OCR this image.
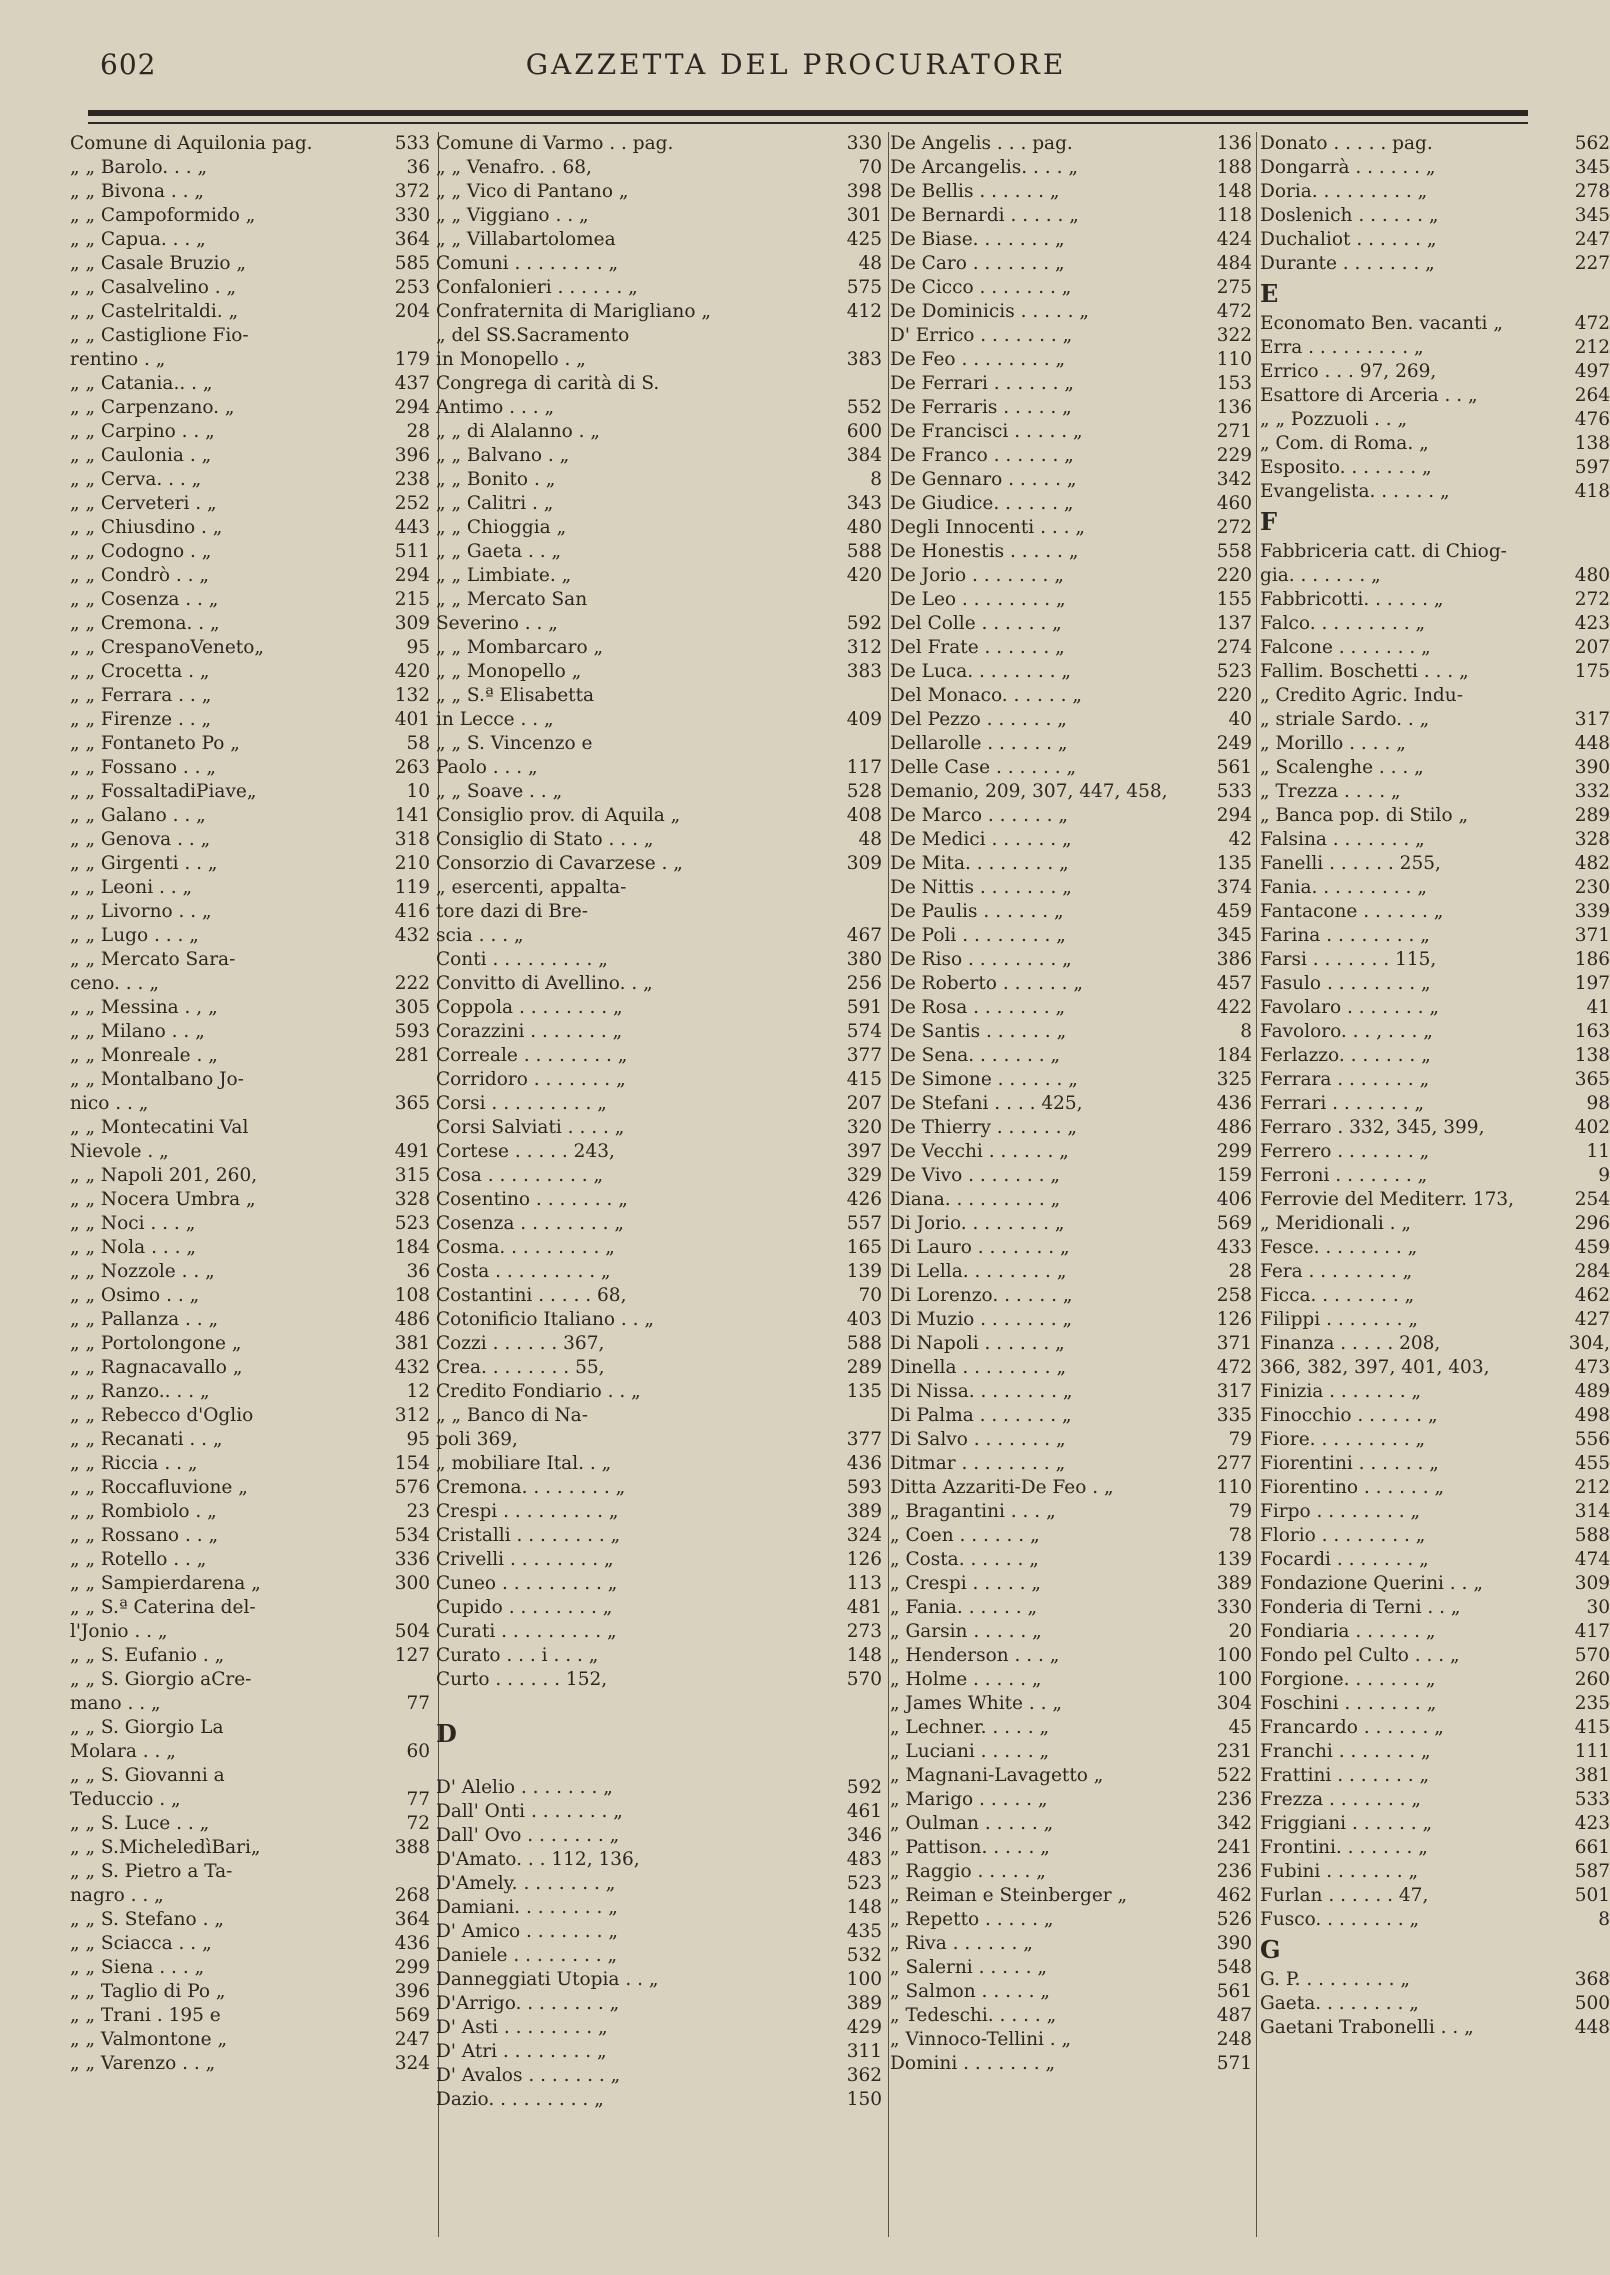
602	GAZZETTA DEL PROCURATORE
Comune di Aquilonia pag.	533
„ „ Barolo. . . „	36
„ „ Bivona . . „	372
„ „ Campoformido „	330
„ „ Capua. . . „	364
„ „ Casale Bruzio „	585
„ „ Casalvelino . „	253
„ „ Castelritaldi. „	204
„ „ Castiglione Fio-
rentino . „	179
„ „ Catania.. . „	437
„ „ Carpenzano. „	294
„ „ Carpino . . „	28
„ „ Caulonia . „	396
„ „ Cerva. . . „	238
„ „ Cerveteri . „	252
„ „ Chiusdino . „	443
„ „ Codogno . „	511
„ „ Condrò . . „	294
„ „ Cosenza . . „	215
„ „ Cremona. . „	309
„ „ CrespanoVeneto„	95
„ „ Crocetta . „	420
„ „ Ferrara . . „	132
„ „ Firenze . . „	401
„ „ Fontaneto Po „	58
„ „ Fossano . . „	263
„ „ FossaltadiPiave„	10
„ „ Galano . . „	141
„ „ Genova . . „	318
„ „ Girgenti . . „	210
„ „ Leoni . . „	119
„ „ Livorno . . „	416
„ „ Lugo . . . „	432
„ „ Mercato Sara-
ceno. . . „	222
„ „ Messina . , „	305
„ „ Milano . . „	593
„ „ Monreale . „	281
„ „ Montalbano Jo-
nico . . „	365
„ „ Montecatini Val
Nievole . „	491
„ „ Napoli 201, 260,	315
„ „ Nocera Umbra „	328
„ „ Noci . . . „	523
„ „ Nola . . . „	184
„ „ Nozzole . . „	36
„ „ Osimo . . „	108
„ „ Pallanza . . „	486
„ „ Portolongone „	381
„ „ Ragnacavallo „	432
„ „ Ranzo.. . . „	12
„ „ Rebecco d'Oglio	312
„ „ Recanati . . „	95
„ „ Riccia . . „	154
„ „ Roccafluvione „	576
„ „ Rombiolo . „	23
„ „ Rossano . . „	534
„ „ Rotello . . „	336
„ „ Sampierdarena „	300
„ „ S.ª Caterina del-
l'Jonio . . „	504
„ „ S. Eufanio . „	127
„ „ S. Giorgio aCre-
mano . . „	77
„ „ S. Giorgio La
Molara . . „	60
„ „ S. Giovanni a
Teduccio . „	77
„ „ S. Luce . . „	72
„ „ S.MicheledìBari„	388
„ „ S. Pietro a Ta-
nagro . . „	268
„ „ S. Stefano . „	364
„ „ Sciacca . . „	436
„ „ Siena . . . „	299
„ „ Taglio di Po „	396
„ „ Trani . 195 e	569
„ „ Valmontone „	247
„ „ Varenzo . . „	324
Comune di Varmo . . pag.	330
„ „ Venafro. . 68,	70
„ „ Vico di Pantano „	398
„ „ Viggiano . . „	301
„ „ Villabartolomea	425
Comuni . . . . . . . . „	48
Confalonieri . . . . . . „	575
Confraternita di Marigliano „	412
„ del SS.Sacramento
in Monopello . „	383
Congrega di carità di S.
Antimo . . . „	552
„ „ di Alalanno . „	600
„ „ Balvano . „	384
„ „ Bonito . „	8
„ „ Calitri . „	343
„ „ Chioggia „	480
„ „ Gaeta . . „	588
„ „ Limbiate. „	420
„ „ Mercato San
Severino . . „	592
„ „ Mombarcaro „	312
„ „ Monopello „	383
„ „ S.ª Elisabetta
in Lecce . . „	409
„ „ S. Vincenzo e
Paolo . . . „	117
„ „ Soave . . „	528
Consiglio prov. di Aquila „	408
Consiglio di Stato . . . „	48
Consorzio di Cavarzese . „	309
„ esercenti, appalta-
tore dazi di Bre-
scia . . . „	467
Conti . . . . . . . . . „	380
Convitto di Avellino. . „	256
Coppola . . . . . . . . „	591
Corazzini . . . . . . . „	574
Correale . . . . . . . . „	377
Corridoro . . . . . . . „	415
Corsi . . . . . . . . . „	207
Corsi Salviati . . . . „	320
Cortese . . . . . 243,	397
Cosa . . . . . . . . . „	329
Cosentino . . . . . . . „	426
Cosenza . . . . . . . . „	557
Cosma. . . . . . . . . „	165
Costa . . . . . . . . . „	139
Costantini . . . . . 68,	70
Cotonificio Italiano . . „	403
Cozzi . . . . . . 367,	588
Crea. . . . . . . . 55,	289
Credito Fondiario . . „	135
„ „ Banco di Na-
poli 369,	377
„ mobiliare Ital. . „	436
Cremona. . . . . . . . „	593
Crespi . . . . . . . . . „	389
Cristalli . . . . . . . . „	324
Crivelli . . . . . . . . „	126
Cuneo . . . . . . . . . „	113
Cupido . . . . . . . . „	481
Curati . . . . . . . . . „	273
Curato . . . i . . . „	148
Curto . . . . . . 152,	570
D
D' Alelio . . . . . . . „	592
Dall' Onti . . . . . . . „	461
Dall' Ovo . . . . . . . „	346
D'Amato. . . 112, 136,	483
D'Amely. . . . . . . . „	523
Damiani. . . . . . . . „	148
D' Amico . . . . . . . „	435
Daniele . . . . . . . . „	532
Danneggiati Utopia . . „	100
D'Arrigo. . . . . . . . „	389
D' Asti . . . . . . . . „	429
D' Atri . . . . . . . . „	311
D' Avalos . . . . . . . „	362
Dazio. . . . . . . . . „	150
De Angelis . . . pag.	136
De Arcangelis. . . . „	188
De Bellis . . . . . . „	148
De Bernardi . . . . . „	118
De Biase. . . . . . . „	424
De Caro . . . . . . . „	484
De Cicco . . . . . . . „	275
De Dominicis . . . . . „	472
D' Errico . . . . . . . „	322
De Feo . . . . . . . . „	110
De Ferrari . . . . . . „	153
De Ferraris . . . . . „	136
De Francisci . . . . . „	271
De Franco . . . . . . „	229
De Gennaro . . . . . „	342
De Giudice. . . . . . „	460
Degli Innocenti . . . „	272
De Honestis . . . . . „	558
De Jorio . . . . . . . „	220
De Leo . . . . . . . . „	155
Del Colle . . . . . . „	137
Del Frate . . . . . . „	274
De Luca. . . . . . . . „	523
Del Monaco. . . . . . „	220
Del Pezzo . . . . . . „	40
Dellarolle . . . . . . „	249
Delle Case . . . . . . „	561
Demanio, 209, 307, 447, 458,	533
De Marco . . . . . . „	294
De Medici . . . . . . „	42
De Mita. . . . . . . . „	135
De Nittis . . . . . . . „	374
De Paulis . . . . . . „	459
De Poli . . . . . . . . „	345
De Riso . . . . . . . . „	386
De Roberto . . . . . . „	457
De Rosa . . . . . . . „	422
De Santis . . . . . . „	8
De Sena. . . . . . . „	184
De Simone . . . . . . „	325
De Stefani . . . . 425,	436
De Thierry . . . . . . „	486
De Vecchi . . . . . . „	299
De Vivo . . . . . . . „	159
Diana. . . . . . . . . „	406
Di Jorio. . . . . . . . „	569
Di Lauro . . . . . . . „	433
Di Lella. . . . . . . . „	28
Di Lorenzo. . . . . . „	258
Di Muzio . . . . . . . „	126
Di Napoli . . . . . . „	371
Dinella . . . . . . . . „	472
Di Nissa. . . . . . . . „	317
Di Palma . . . . . . . „	335
Di Salvo . . . . . . . „	79
Ditmar . . . . . . . . „	277
Ditta Azzariti-De Feo . „	110
„ Bragantini . . . „	79
„ Coen . . . . . . „	78
„ Costa. . . . . . „	139
„ Crespi . . . . . „	389
„ Fania. . . . . . „	330
„ Garsin . . . . . „	20
„ Henderson . . . „	100
„ Holme . . . . . „	100
„ James White . . „	304
„ Lechner. . . . . „	45
„ Luciani . . . . . „	231
„ Magnani-Lavagetto „	522
„ Marigo . . . . . „	236
„ Oulman . . . . . „	342
„ Pattison. . . . . „	241
„ Raggio . . . . . „	236
„ Reiman e Steinberger „	462
„ Repetto . . . . . „	526
„ Riva . . . . . . „	390
„ Salerni . . . . . „	548
„ Salmon . . . . . „	561
„ Tedeschi. . . . . „	487
„ Vinnoco-Tellini . „	248
Domini . . . . . . . „	571
Donato . . . . . pag.	562
Dongarrà . . . . . . „	345
Doria. . . . . . . . . „	278
Doslenich . . . . . . „	345
Duchaliot . . . . . . „	247
Durante . . . . . . . „	227
E
Economato Ben. vacanti „	472
Erra . . . . . . . . . „	212
Errico . . . 97, 269,	497
Esattore di Arceria . . „	264
„ „ Pozzuoli . . „	476
„ Com. di Roma. „	138
Esposito. . . . . . . „	597
Evangelista. . . . . . „	418
F
Fabbriceria catt. di Chiog-
gia. . . . . . . „	480
Fabbricotti. . . . . . „	272
Falco. . . . . . . . . „	423
Falcone . . . . . . . „	207
Fallim. Boschetti . . . „	175
„ Credito Agric. Indu-
„ striale Sardo. . „	317
„ Morillo . . . . „	448
„ Scalenghe . . . „	390
„ Trezza . . . . „	332
„ Banca pop. di Stilo „	289
Falsina . . . . . . . „	328
Fanelli . . . . . . 255,	482
Fania. . . . . . . . . „	230
Fantacone . . . . . . „	339
Farina . . . . . . . . „	371
Farsi . . . . . . . 115,	186
Fasulo . . . . . . . . „	197
Favolaro . . . . . . . „	41
Favoloro. . . , . . . „	163
Ferlazzo. . . . . . . „	138
Ferrara . . . . . . . „	365
Ferrari . . . . . . . „	98
Ferraro . 332, 345, 399,	402
Ferrero . . . . . . . „	11
Ferroni . . . . . . . „	9
Ferrovie del Mediterr. 173,	254
„ Meridionali . „	296
Fesce. . . . . . . . „	459
Fera . . . . . . . . „	284
Ficca. . . . . . . . „	462
Filippi . . . . . . . „	427
Finanza . . . . . 208,	304,
366, 382, 397, 401, 403,	473
Finizia . . . . . . . „	489
Finocchio . . . . . . „	498
Fiore. . . . . . . . . „	556
Fiorentini . . . . . . „	455
Fiorentino . . . . . . „	212
Firpo . . . . . . . . „	314
Florio . . . . . . . . „	588
Focardi . . . . . . . „	474
Fondazione Querini . . „	309
Fonderia di Terni . . „	30
Fondiaria . . . . . . „	417
Fondo pel Culto . . . „	570
Forgione. . . . . . . „	260
Foschini . . . . . . . „	235
Francardo . . . . . . „	415
Franchi . . . . . . . „	111
Frattini . . . . . . . „	381
Frezza . . . . . . . „	533
Friggiani . . . . . . „	423
Frontini. . . . . . . „	661
Fubini . . . . . . . „	587
Furlan . . . . . . 47,	501
Fusco. . . . . . . . „	8
G
G. P. . . . . . . . . „	368
Gaeta. . . . . . . . „	500
Gaetani Trabonelli . . „	448
